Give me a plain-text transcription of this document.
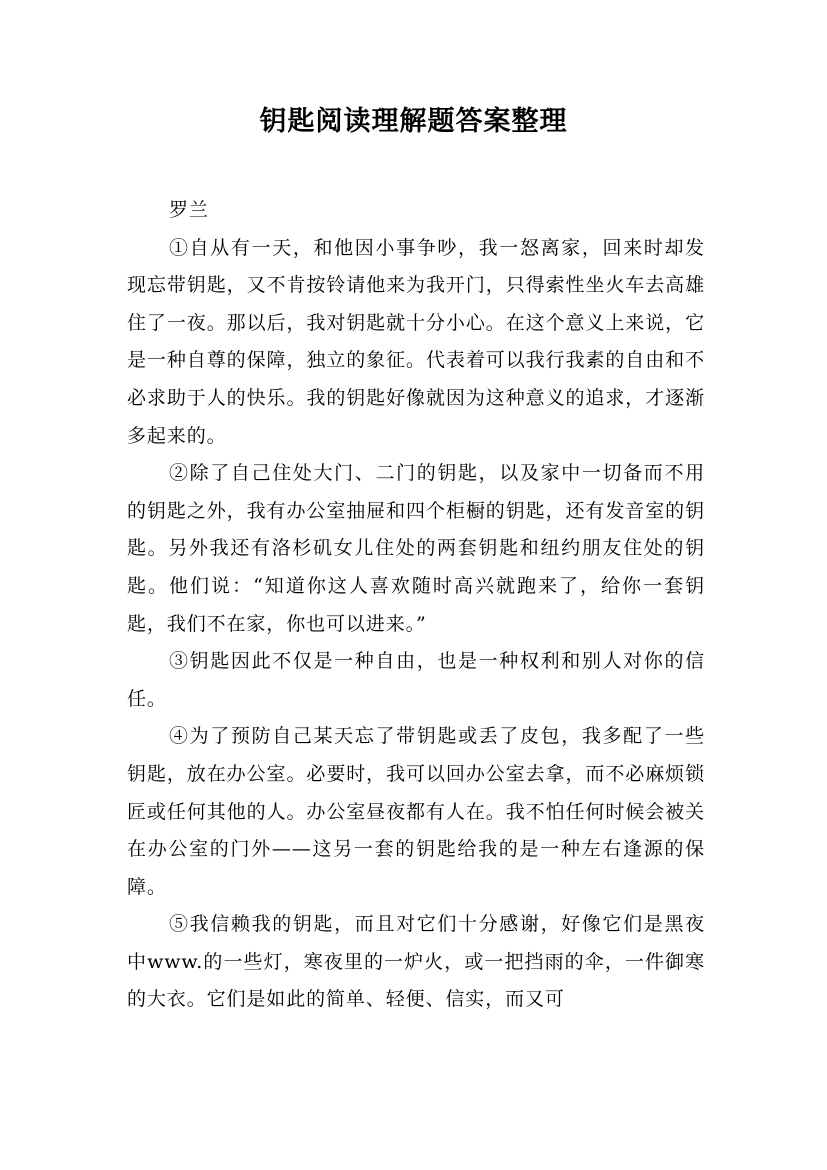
钥匙阅读理解题答案整理

罗兰

①自从有一天，和他因小事争吵，我一怒离家，回来时却发现忘带钥匙，又不肯按铃请他来为我开门，只得索性坐火车去高雄住了一夜。那以后，我对钥匙就十分小心。在这个意义上来说，它是一种自尊的保障，独立的象征。代表着可以我行我素的自由和不必求助于人的快乐。我的钥匙好像就因为这种意义的追求，才逐渐多起来的。

②除了自己住处大门、二门的钥匙，以及家中一切备而不用的钥匙之外，我有办公室抽屉和四个柜橱的钥匙，还有发音室的钥匙。另外我还有洛杉矶女儿住处的两套钥匙和纽约朋友住处的钥匙。他们说：“知道你这人喜欢随时高兴就跑来了，给你一套钥匙，我们不在家，你也可以进来。”

③钥匙因此不仅是一种自由，也是一种权利和别人对你的信任。

④为了预防自己某天忘了带钥匙或丢了皮包，我多配了一些钥匙，放在办公室。必要时，我可以回办公室去拿，而不必麻烦锁匠或任何其他的人。办公室昼夜都有人在。我不怕任何时候会被关在办公室的门外——这另一套的钥匙给我的是一种左右逢源的保障。

⑤我信赖我的钥匙，而且对它们十分感谢，好像它们是黑夜中www.的一些灯，寒夜里的一炉火，或一把挡雨的伞，一件御寒的大衣。它们是如此的简单、轻便、信实，而又可
